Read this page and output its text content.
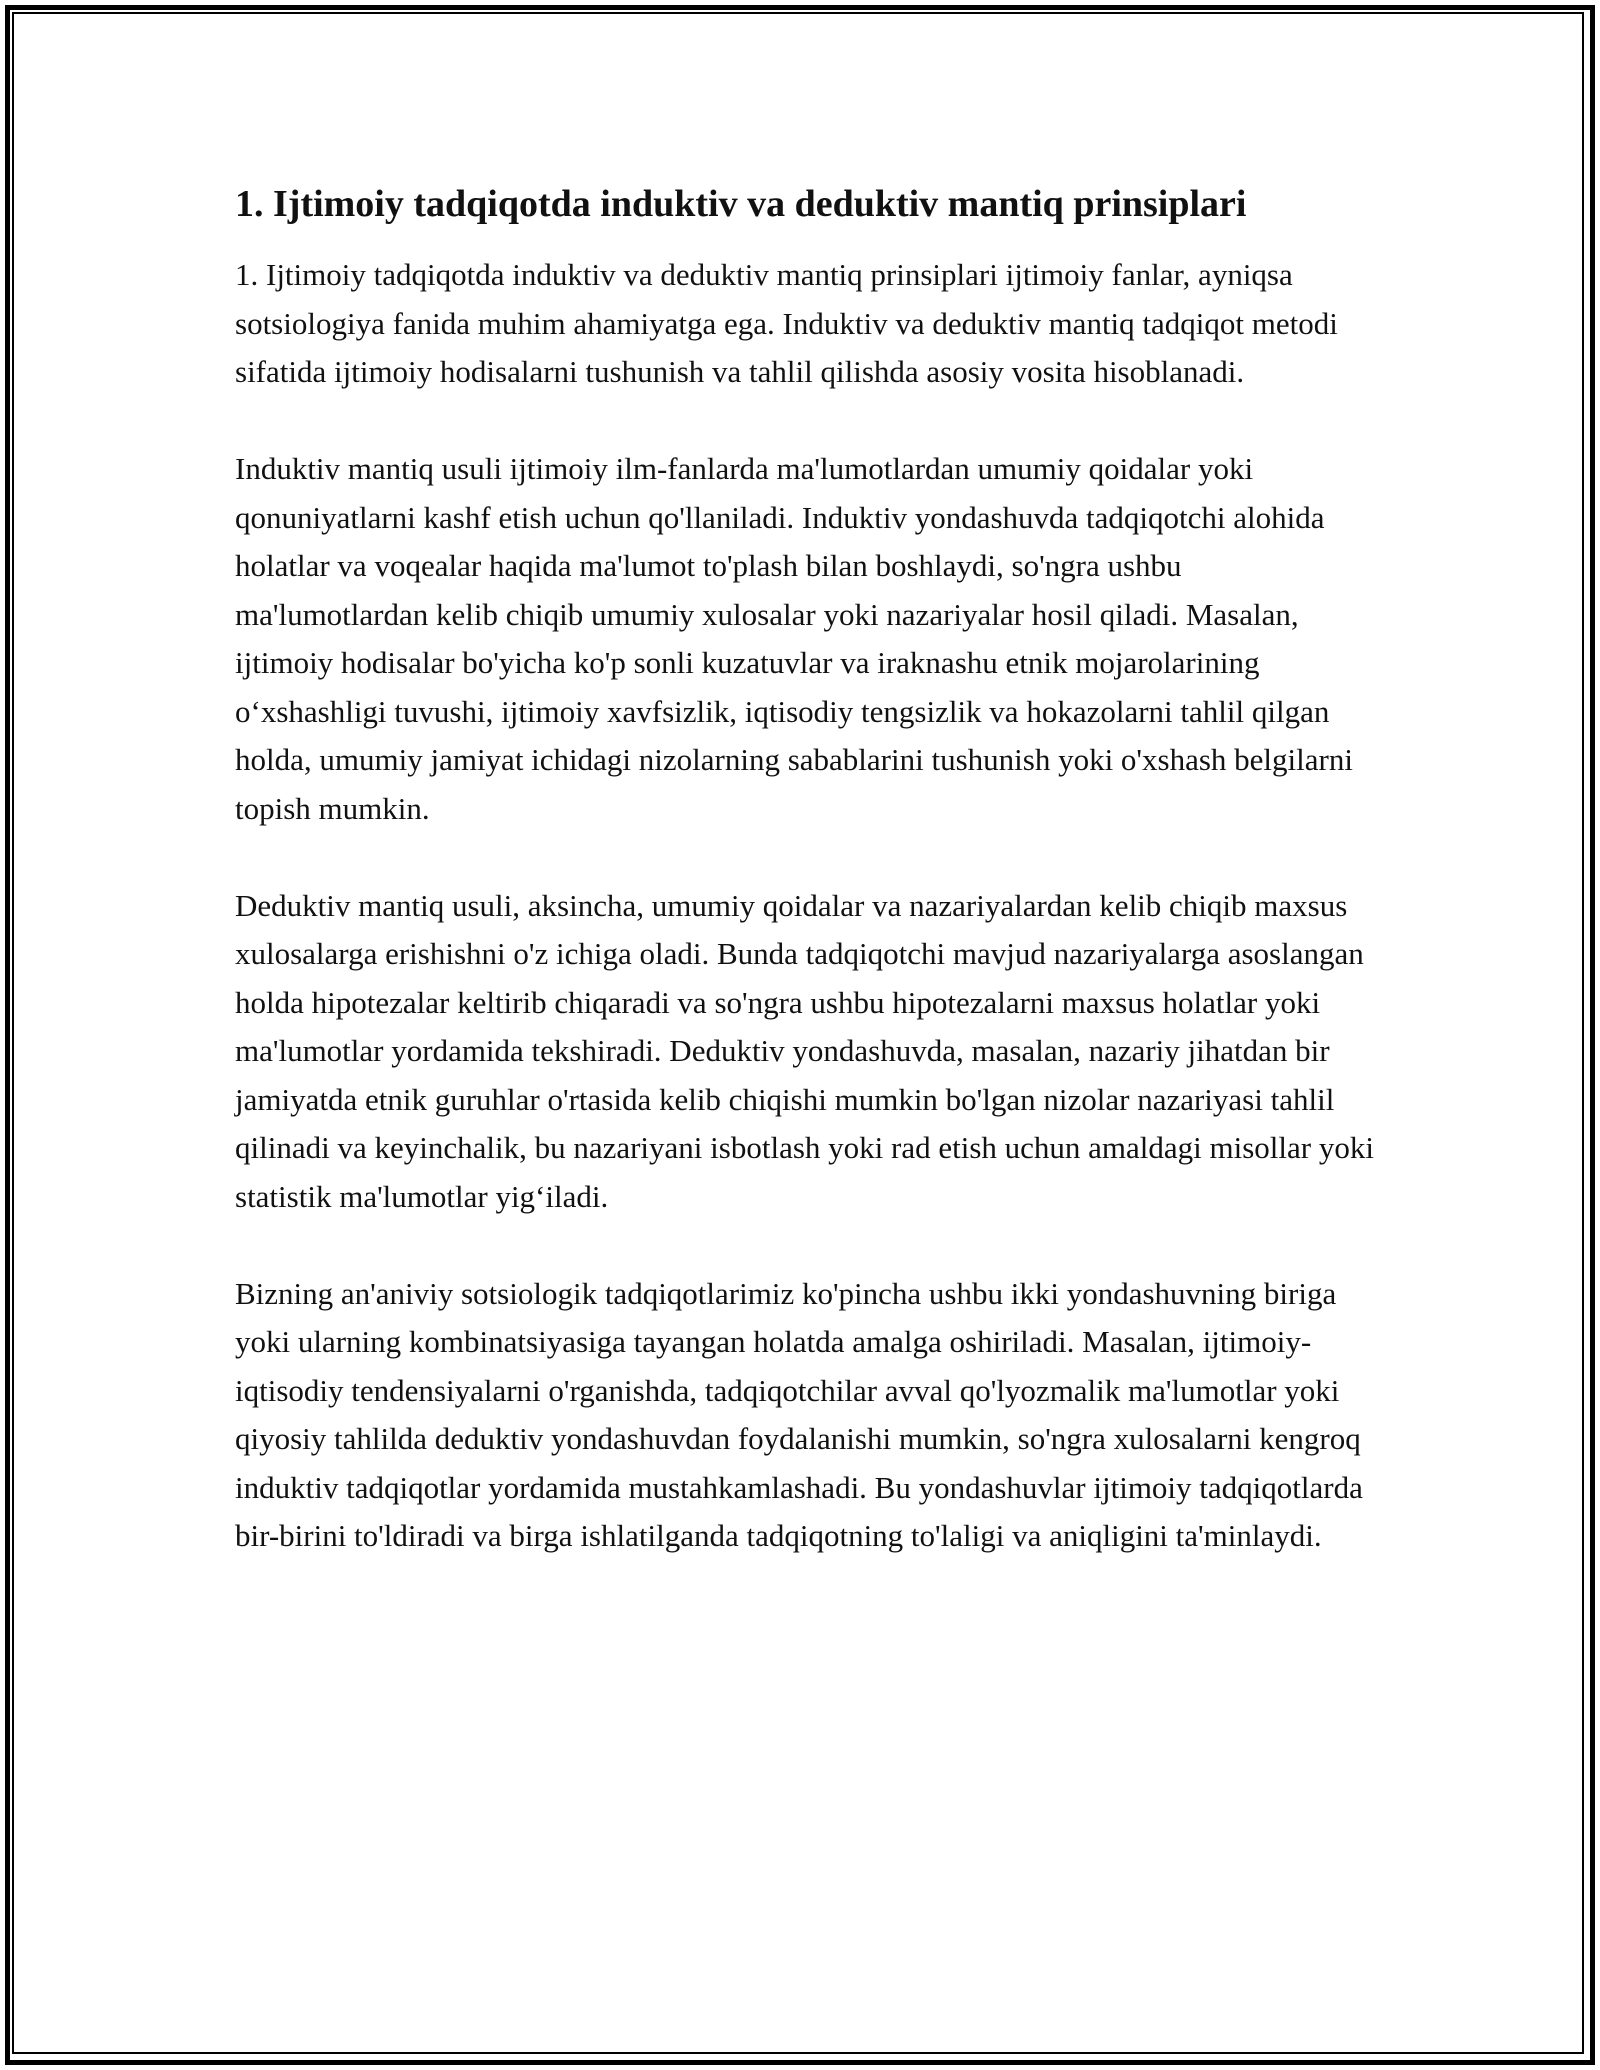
1. Ijtimoiy tadqiqotda induktiv va deduktiv mantiq prinsiplari

1. Ijtimoiy tadqiqotda induktiv va deduktiv mantiq prinsiplari ijtimoiy fanlar, ayniqsa sotsiologiya fanida muhim ahamiyatga ega. Induktiv va deduktiv mantiq tadqiqot metodi sifatida ijtimoiy hodisalarni tushunish va tahlil qilishda asosiy vosita hisoblanadi.

Induktiv mantiq usuli ijtimoiy ilm-fanlarda ma'lumotlardan umumiy qoidalar yoki qonuniyatlarni kashf etish uchun qo'llaniladi. Induktiv yondashuvda tadqiqotchi alohida holatlar va voqealar haqida ma'lumot to'plash bilan boshlaydi, so'ngra ushbu ma'lumotlardan kelib chiqib umumiy xulosalar yoki nazariyalar hosil qiladi. Masalan, ijtimoiy hodisalar bo'yicha ko'p sonli kuzatuvlar va iraknashu etnik mojarolarining o‘xshashligi tuvushi, ijtimoiy xavfsizlik, iqtisodiy tengsizlik va hokazolarni tahlil qilgan holda, umumiy jamiyat ichidagi nizolarning sabablarini tushunish yoki o'xshash belgilarni topish mumkin.

Deduktiv mantiq usuli, aksincha, umumiy qoidalar va nazariyalardan kelib chiqib maxsus xulosalarga erishishni o'z ichiga oladi. Bunda tadqiqotchi mavjud nazariyalarga asoslangan holda hipotezalar keltirib chiqaradi va so'ngra ushbu hipotezalarni maxsus holatlar yoki ma'lumotlar yordamida tekshiradi. Deduktiv yondashuvda, masalan, nazariy jihatdan bir jamiyatda etnik guruhlar o'rtasida kelib chiqishi mumkin bo'lgan nizolar nazariyasi tahlil qilinadi va keyinchalik, bu nazariyani isbotlash yoki rad etish uchun amaldagi misollar yoki statistik ma'lumotlar yig‘iladi.

Bizning an'aniviy sotsiologik tadqiqotlarimiz ko'pincha ushbu ikki yondashuvning biriga yoki ularning kombinatsiyasiga tayangan holatda amalga oshiriladi. Masalan, ijtimoiy-iqtisodiy tendensiyalarni o'rganishda, tadqiqotchilar avval qo'lyozmalik ma'lumotlar yoki qiyosiy tahlilda deduktiv yondashuvdan foydalanishi mumkin, so'ngra xulosalarni kengroq induktiv tadqiqotlar yordamida mustahkamlashadi. Bu yondashuvlar ijtimoiy tadqiqotlarda bir-birini to'ldiradi va birga ishlatilganda tadqiqotning to'laligi va aniqligini ta'minlaydi.
